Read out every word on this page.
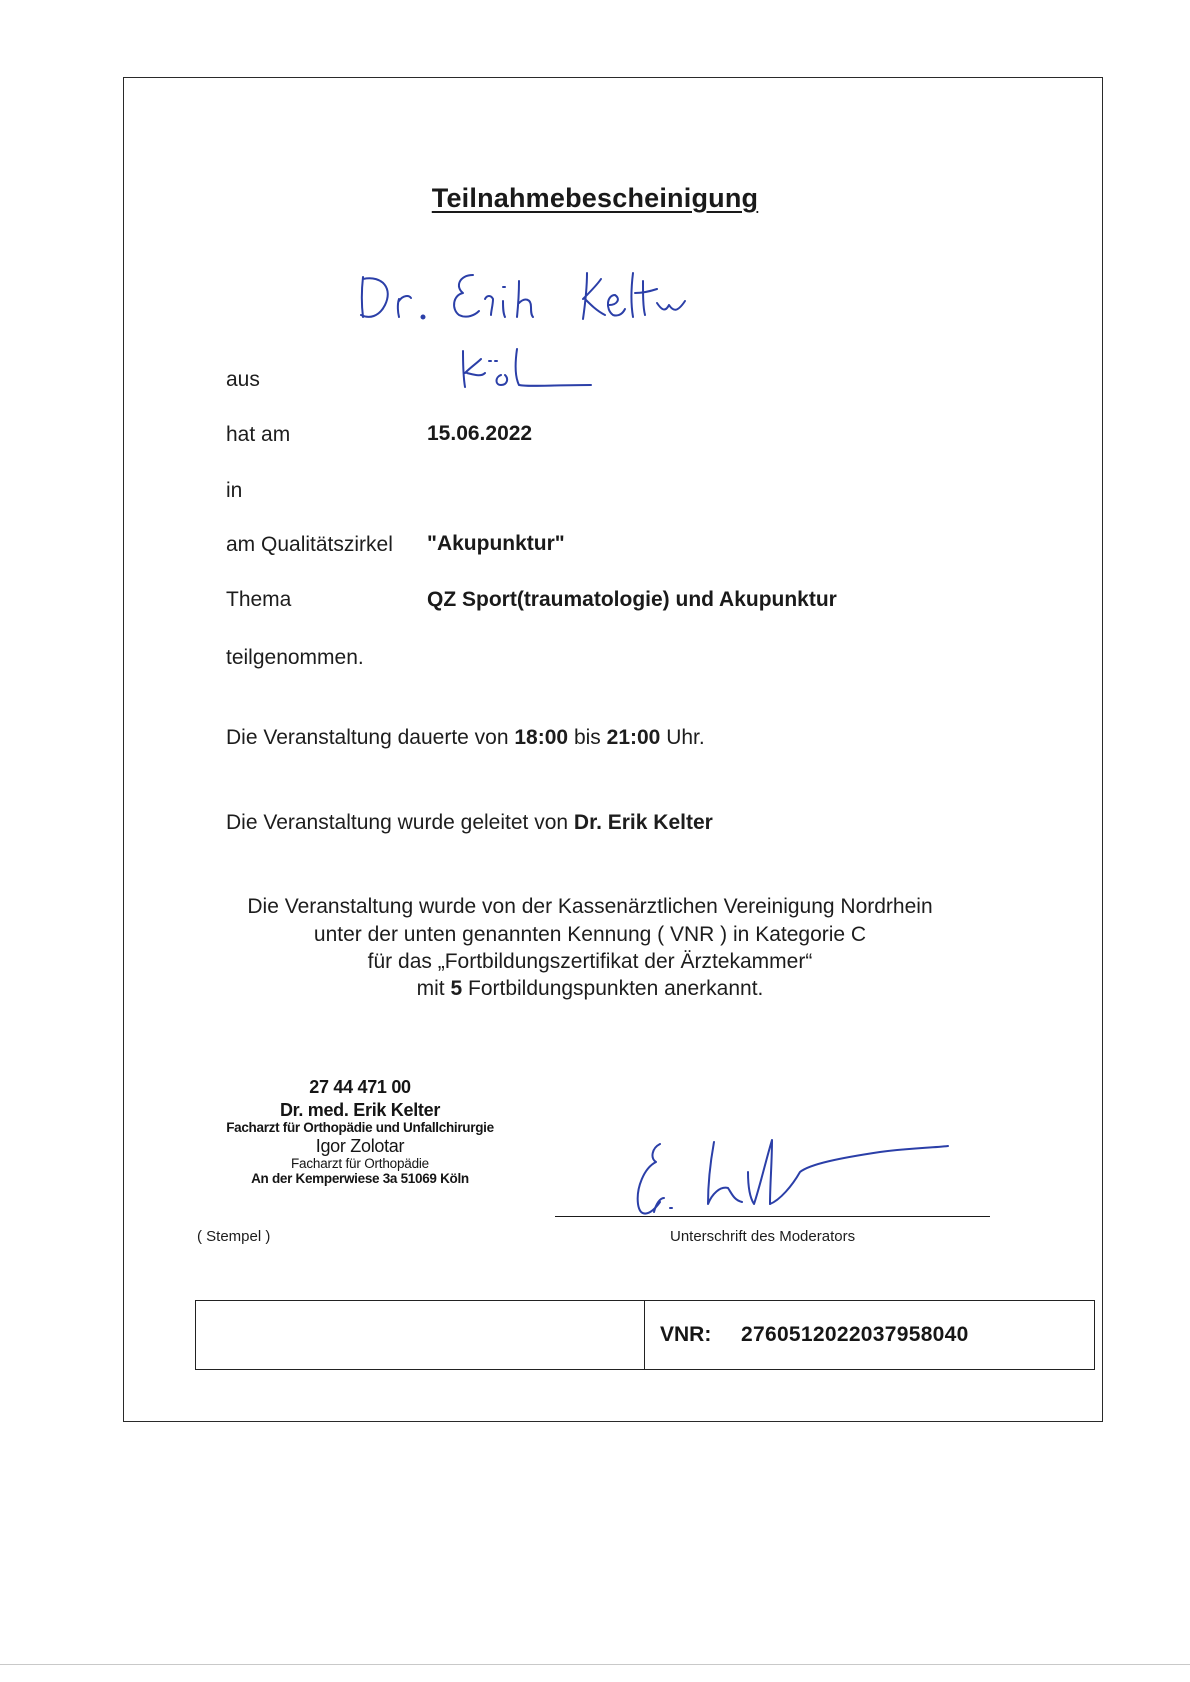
Teilnahmebescheinigung
aus
hat am	15.06.2022
in
am Qualitätszirkel "Akupunktur"
Thema	QZ Sport(traumatologie) und Akupunktur
teilgenommen.
Die Veranstaltung dauerte von 18:00 bis 21:00 Uhr.
Die Veranstaltung wurde geleitet von Dr. Erik Kelter
Die Veranstaltung wurde von der Kassenärztlichen Vereinigung Nordrhein
unter der unten genannten Kennung ( VNR ) in Kategorie C
für das „Fortbildungszertifikat der Ärztekammer“
mit 5 Fortbildungspunkten anerkannt.
27 44 471 00
Dr. med. Erik Kelter
Facharzt für Orthopädie und Unfallchirurgie
Igor Zolotar
Facharzt für Orthopädie
An der Kemperwiese 3a 51069 Köln
( Stempel )	Unterschrift des Moderators
VNR: 2760512022037958040
